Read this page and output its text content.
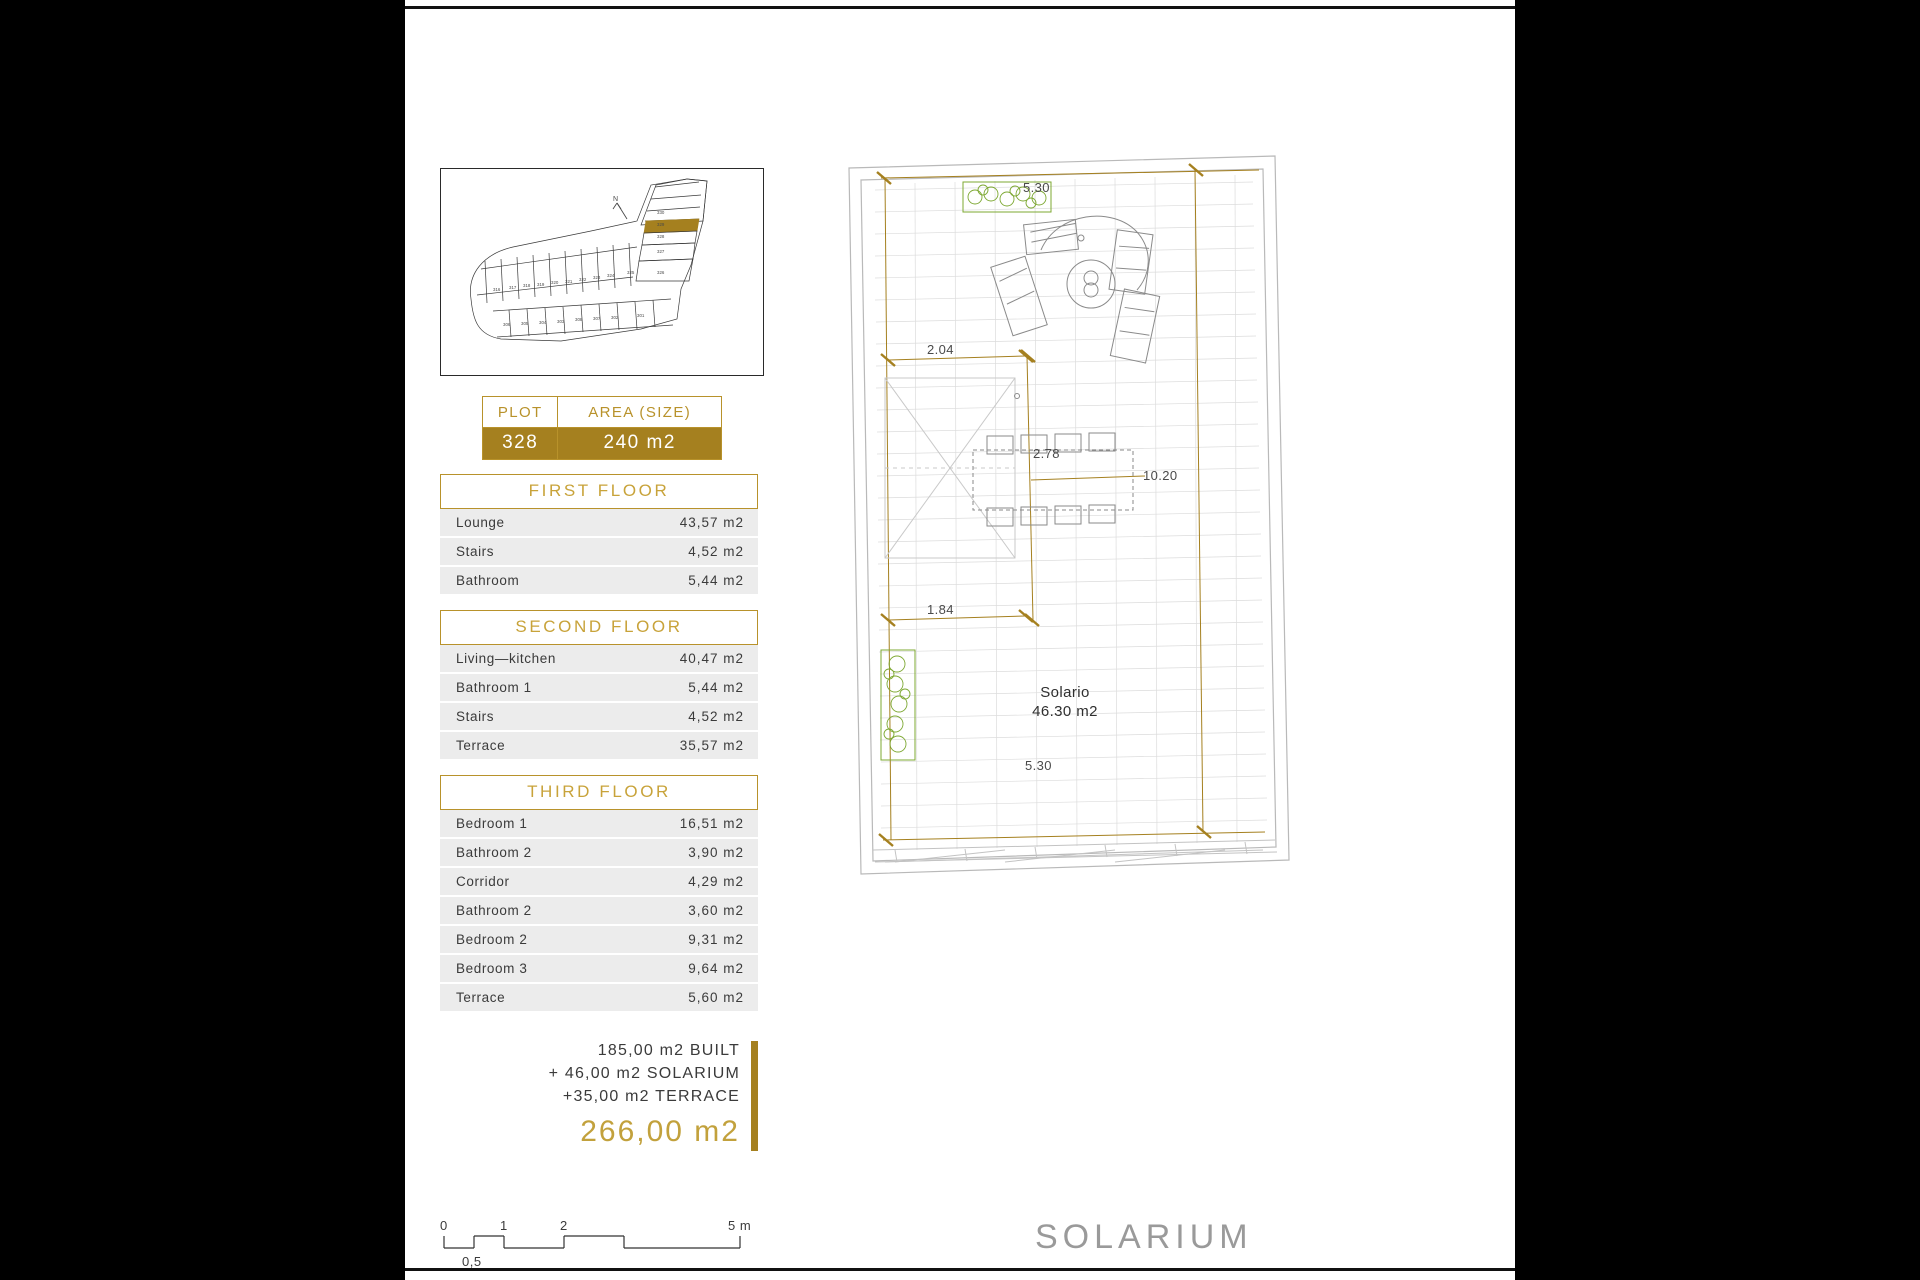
N
330
329
328
327
326
325
324
323
322
321
320
319
318
316 317
306 305 304 303 308 307 302	301
PLOT	AREA (SIZE)
328	240 m2
FIRST FLOOR
Lounge	43,57 m2
Stairs	4,52 m2
Bathroom	5,44 m2
SECOND FLOOR
Living—kitchen	40,47 m2
Bathroom 1	5,44 m2
Stairs	4,52 m2
Terrace	35,57 m2
THIRD FLOOR
Bedroom 1	16,51 m2
Bathroom 2	3,90 m2
Corridor	4,29 m2
Bathroom 2	3,60 m2
Bedroom 2	9,31 m2
Bedroom 3	9,64 m2
Terrace	5,60 m2
185,00 m2 BUILT
+ 46,00 m2 SOLARIUM
+35,00 m2 TERRACE
266,00 m2
0	1	2	5 m
0,5
5.30
2.04
2.78
10.20
1.84
5.30
Solario
46.30 m2
SOLARIUM
